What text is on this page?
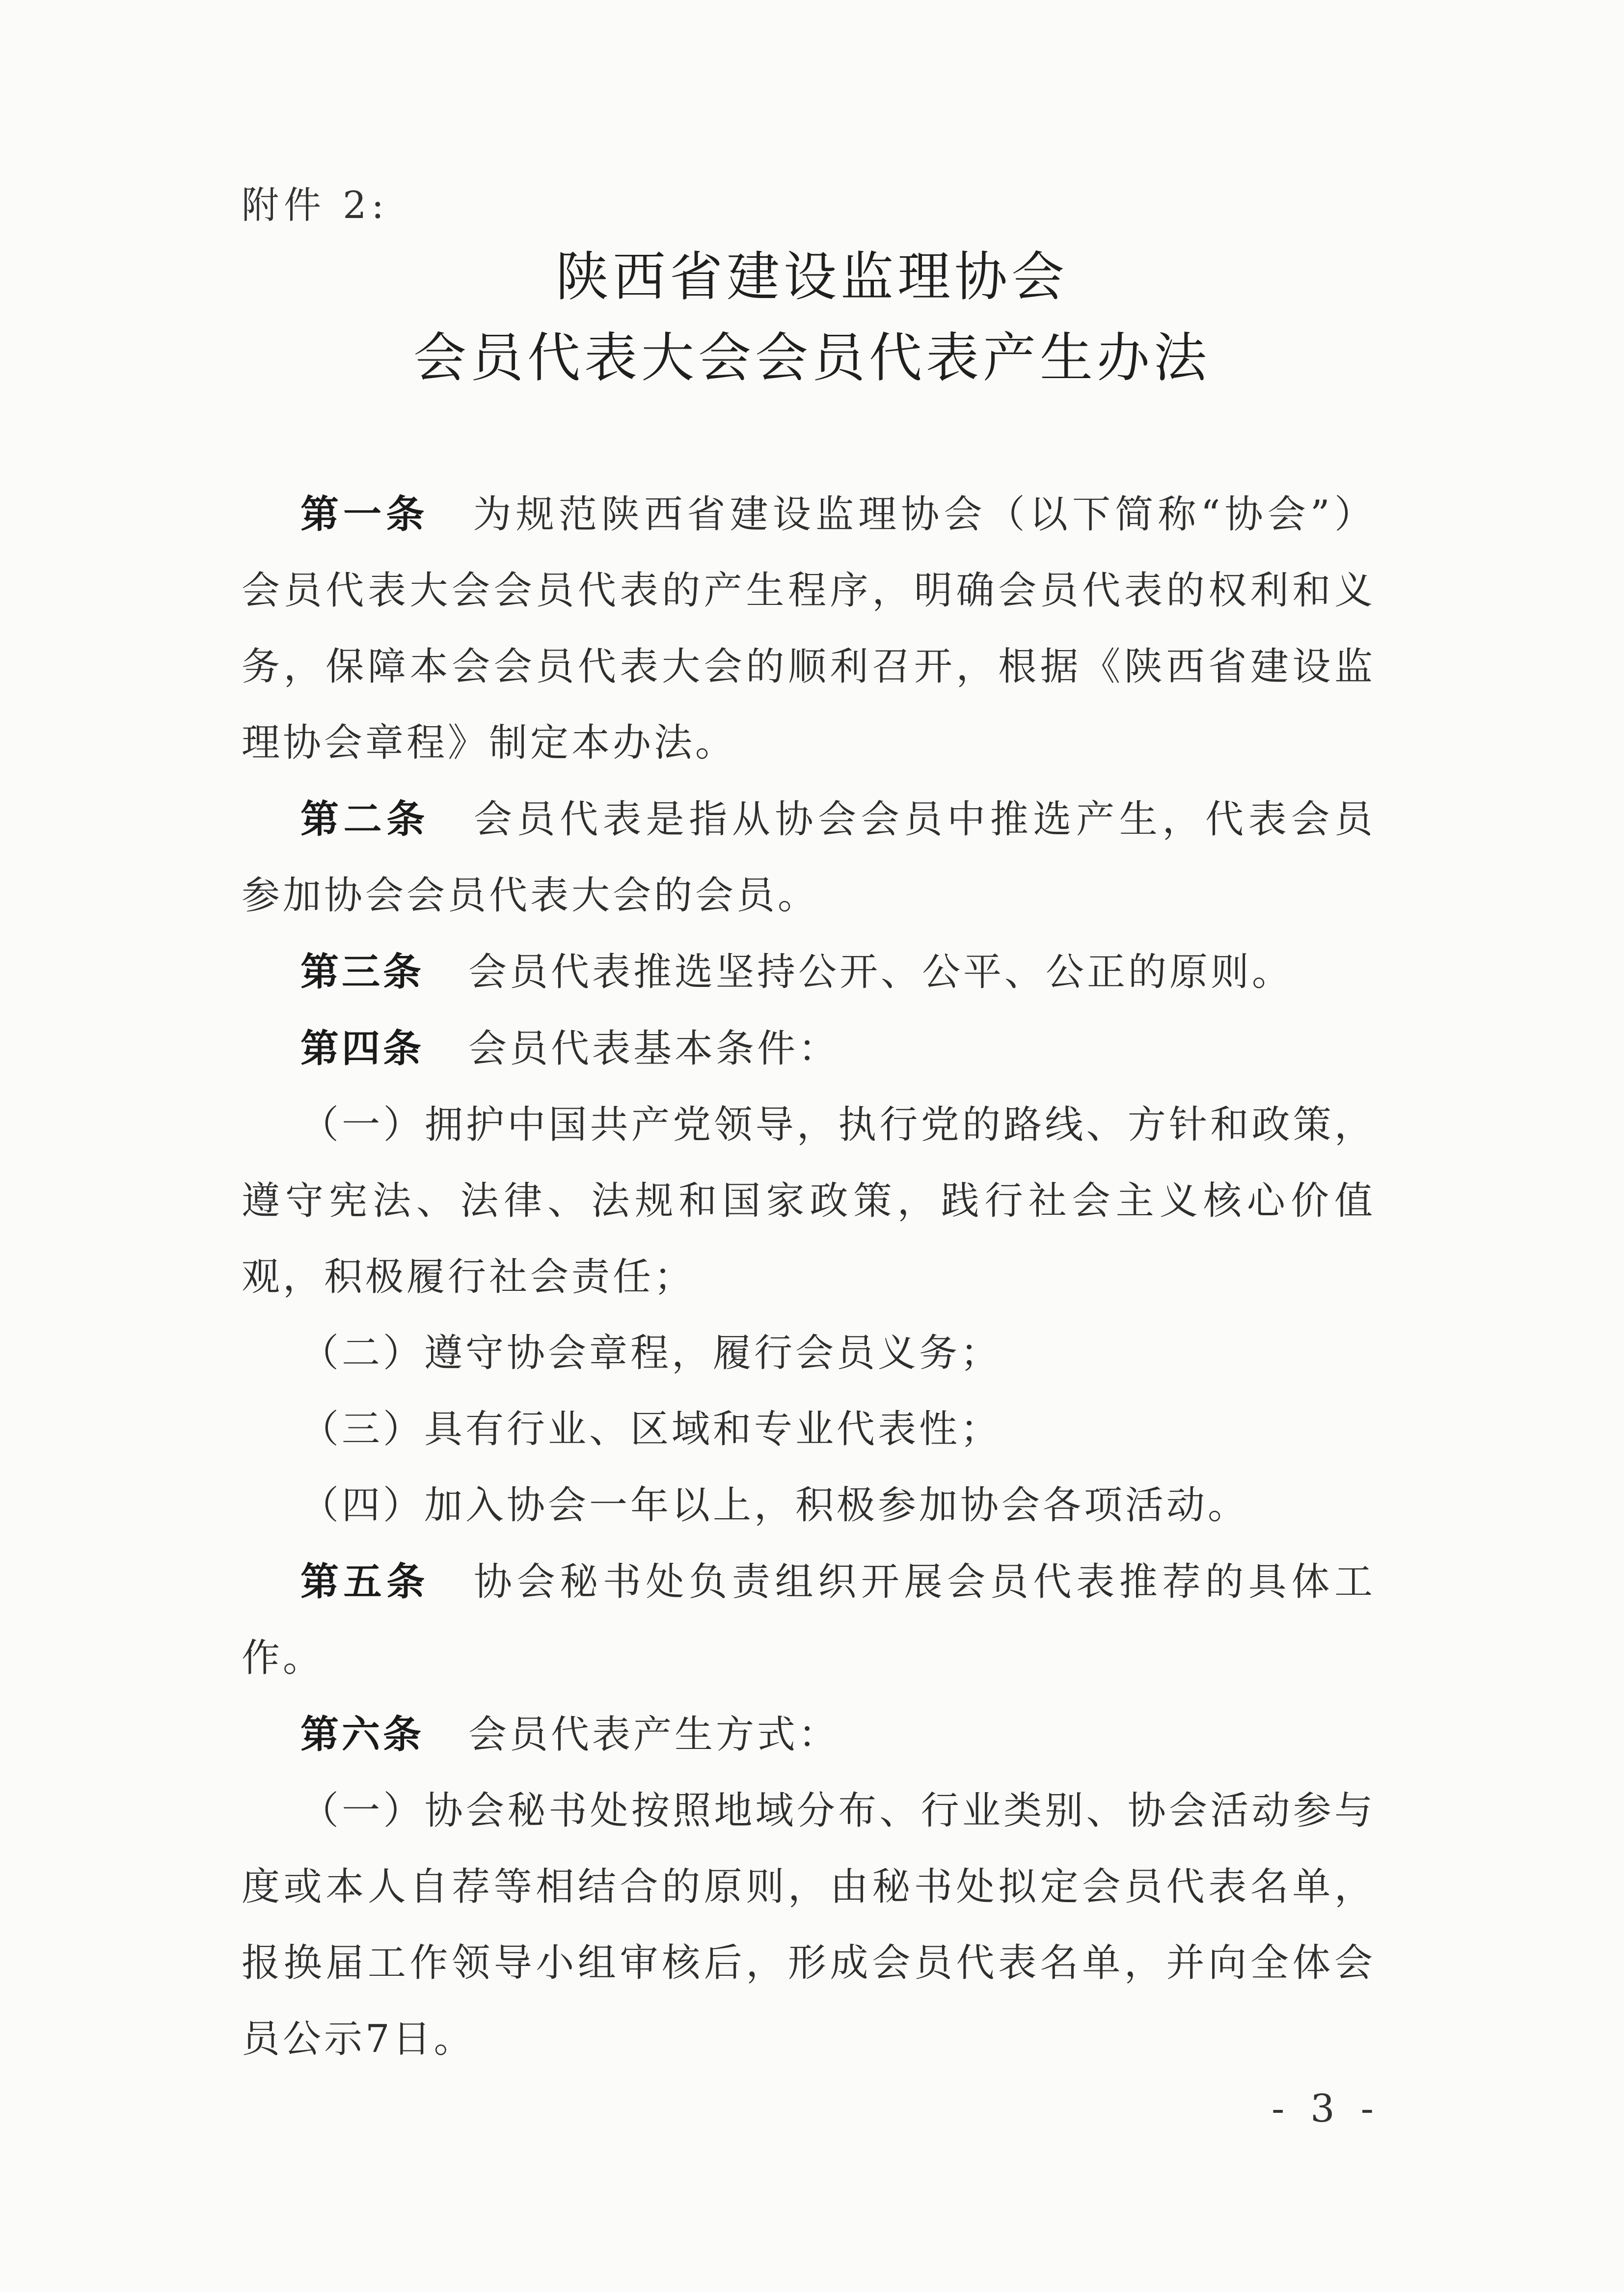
附件 2:
陕西省建设监理协会
会员代表大会会员代表产生办法

第一条 为规范陕西省建设监理协会（以下简称“协会”）会员代表大会会员代表的产生程序，明确会员代表的权利和义务，保障本会会员代表大会的顺利召开，根据《陕西省建设监理协会章程》制定本办法。

第二条 会员代表是指从协会会员中推选产生，代表会员参加协会会员代表大会的会员。

第三条 会员代表推选坚持公开、公平、公正的原则。

第四条 会员代表基本条件：

（一）拥护中国共产党领导，执行党的路线、方针和政策，遵守宪法、法律、法规和国家政策，践行社会主义核心价值观，积极履行社会责任；

（二）遵守协会章程，履行会员义务；

（三）具有行业、区域和专业代表性；

（四）加入协会一年以上，积极参加协会各项活动。

第五条 协会秘书处负责组织开展会员代表推荐的具体工作。

第六条 会员代表产生方式：

（一）协会秘书处按照地域分布、行业类别、协会活动参与度或本人自荐等相结合的原则，由秘书处拟定会员代表名单，报换届工作领导小组审核后，形成会员代表名单，并向全体会员公示7日。

- 3 -
